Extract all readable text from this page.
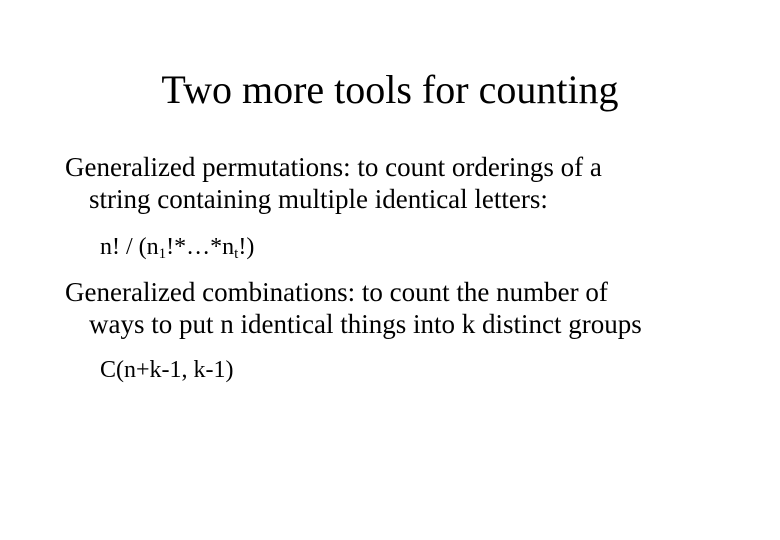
Two more tools for counting
Generalized permutations: to count orderings of a
string containing multiple identical letters:
n! / $(n_1!*\dots*n_t!)$
Generalized combinations: to count the number of
ways to put n identical things into k distinct groups
C(n+k-1, k-1)
